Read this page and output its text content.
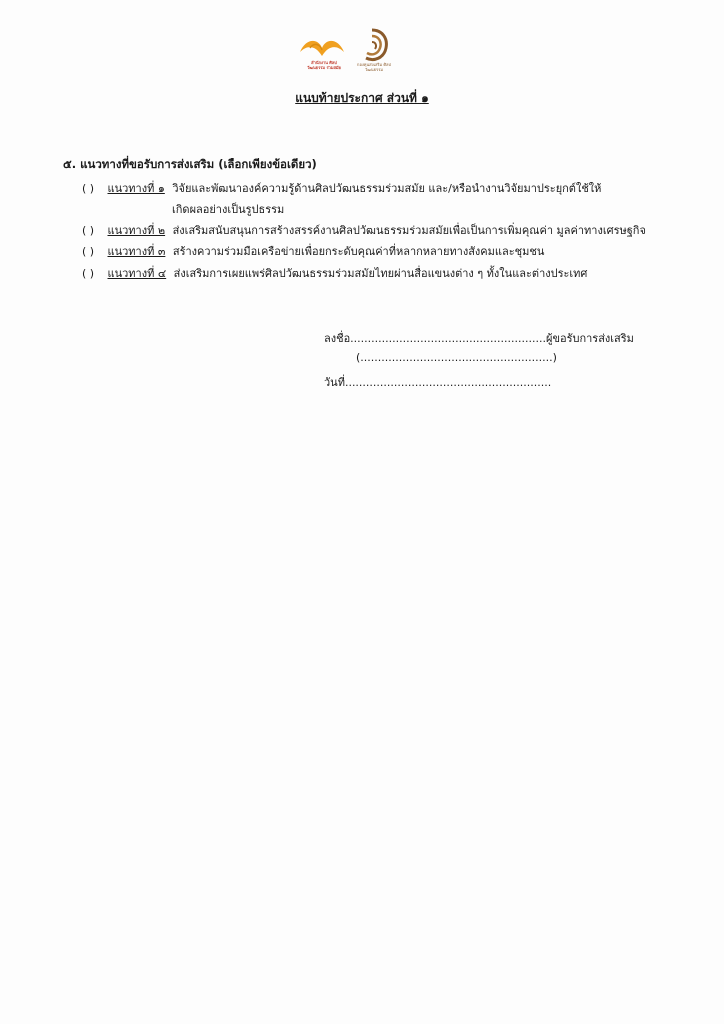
สำนักงาน ศิลปวัฒนธรรม ร่วมสมัย
กองทุนส่งเสริม ศิลปวัฒนธรรม
แนบท้ายประกาศ ส่วนที่ ๑
๕. แนวทางที่ขอรับการส่งเสริม (เลือกเพียงข้อเดียว)
( ) แนวทางที่ ๑ วิจัยและพัฒนาองค์ความรู้ด้านศิลปวัฒนธรรมร่วมสมัย และ/หรือนำงานวิจัยมาประยุกต์ใช้ให้
เกิดผลอย่างเป็นรูปธรรม
( ) แนวทางที่ ๒ ส่งเสริมสนับสนุนการสร้างสรรค์งานศิลปวัฒนธรรมร่วมสมัยเพื่อเป็นการเพิ่มคุณค่า มูลค่าทางเศรษฐกิจ
( ) แนวทางที่ ๓ สร้างความร่วมมือเครือข่ายเพื่อยกระดับคุณค่าที่หลากหลายทางสังคมและชุมชน
( ) แนวทางที่ ๔ ส่งเสริมการเผยแพร่ศิลปวัฒนธรรมร่วมสมัยไทยผ่านสื่อแขนงต่าง ๆ ทั้งในและต่างประเทศ
ลงชื่อ........................................................ผู้ขอรับการส่งเสริม
(.......................................................)
วันที่...........................................................
